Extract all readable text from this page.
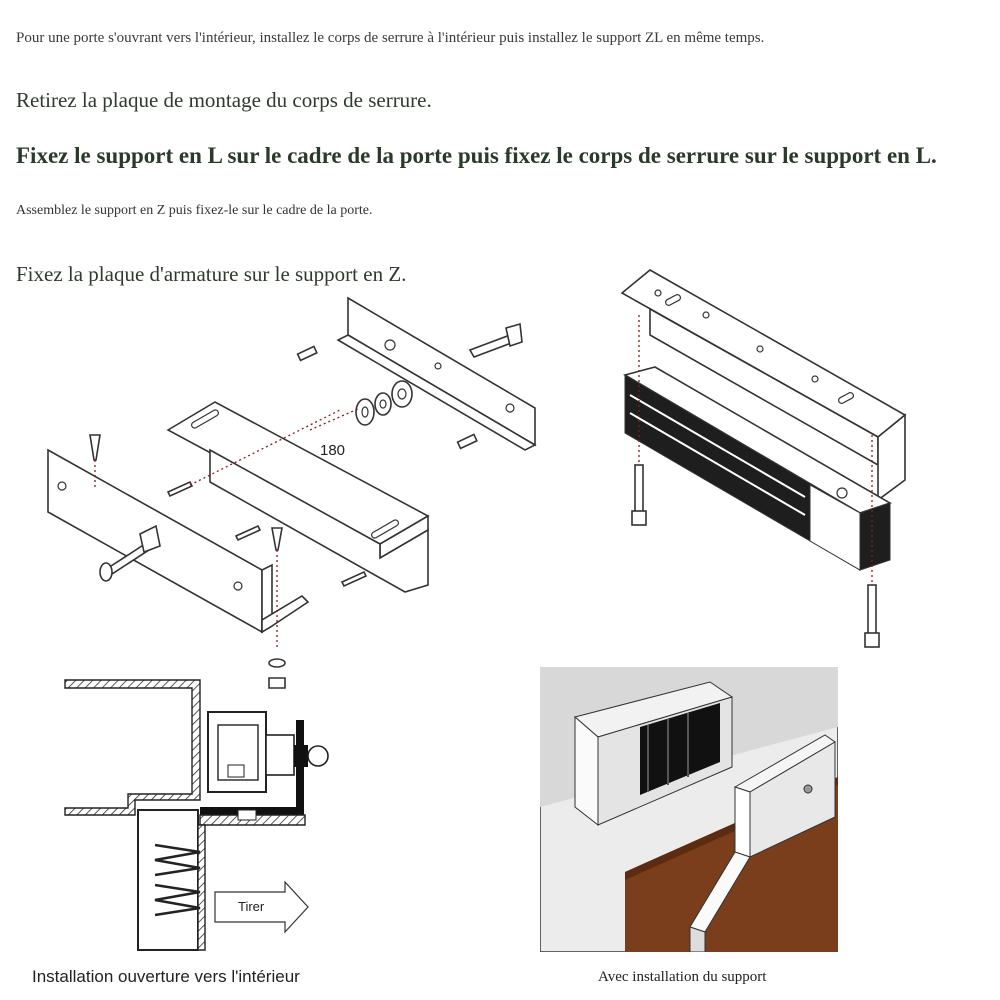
Pour une porte s'ouvrant vers l'intérieur, installez le corps de serrure à l'intérieur puis installez le support ZL en même temps.

Retirez la plaque de montage du corps de serrure.

Fixez le support en L sur le cadre de la porte puis fixez le corps de serrure sur le support en L.

Assemblez le support en Z puis fixez-le sur le cadre de la porte.

Fixez la plaque d'armature sur le support en Z.

180
Tirer

Installation ouverture vers l'intérieur	Avec installation du support
